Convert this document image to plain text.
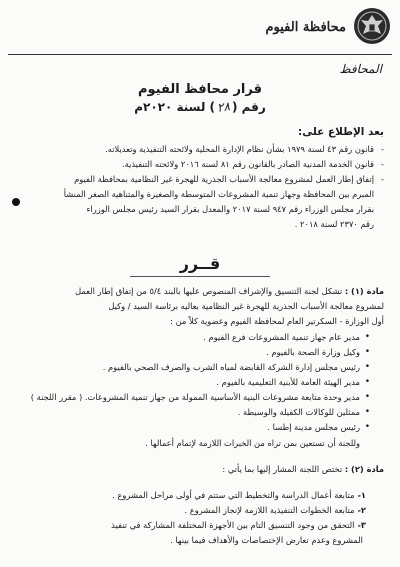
محافظة الفيوم
المحافظ
قرار محافظ الفيوم
رقم (٢٨) لسنة ٢٠٢٠م
بعد الإطلاع على:
- قانون رقم ٤٣ لسنة ١٩٧٩ بشأن نظام الإدارة المحلية ولائحته التنفيذية وتعديلاته.
- قانون الخدمة المدنية الصادر بالقانون رقم ٨١ لسنة ٢٠١٦ ولائحته التنفيذية.
- إتفاق إطار العمل لمشروع معالجة الأسباب الجذرية للهجرة غير النظامية بمحافظة الفيوم
المبرم بين المحافظة وجهاز تنمية المشروعات المتوسطة والصغيرة والمتناهية الصغر المنشأ
بقرار مجلس الوزراء رقم ٩٤٧ لسنة ٢٠١٧ والمعدل بقرار السيد رئيس مجلس الوزراء
رقم ٢٣٧٠ لسنة ٢٠١٨ .
قــرر
مادة (١) : تشكل لجنة التنسيق والإشراف المنصوص عليها بالبند ٥/٤ من إتفاق إطار العمل
لمشروع معالجة الأسباب الجذرية للهجرة غير النظامية بعاليه برئاسة السيد / وكيل
أول الوزارة - السكرتير العام لمحافظة الفيوم وعضوية كلاً من :
• مدير عام جهاز تنمية المشروعات فرع الفيوم .
• وكيل وزارة الصحة بالفيوم .
• رئيس مجلس إدارة الشركة القابضة لمياه الشرب والصرف الصحي بالفيوم .
• مدير الهيئة العامة للأبنية التعليمية بالفيوم .
• مدير وحدة متابعة مشروعات البنية الأساسية الممولة من جهاز تنمية المشروعات. ( مقرر اللجنة )
• ممثلين للوكالات الكفيلة والوسيطة .
• رئيس مجلس مدينة إطسا .
وللجنة أن تستعين بمن تراه من الخبرات اللازمة لإتمام أعمالها .
مادة (٢) : تختص اللجنة المشار إليها بما يأتي :
١-متابعة أعمال الدراسة والتخطيط التي ستتم في أولى مراحل المشروع .
٢-متابعة الخطوات التنفيذية اللازمة لإنجاز المشروع .
٣-التحقق من وجود التنسيق التام بين الأجهزة المختلفة المشاركة في تنفيذ
المشروع وعدم تعارض الإختصاصات والأهداف فيما بينها .
